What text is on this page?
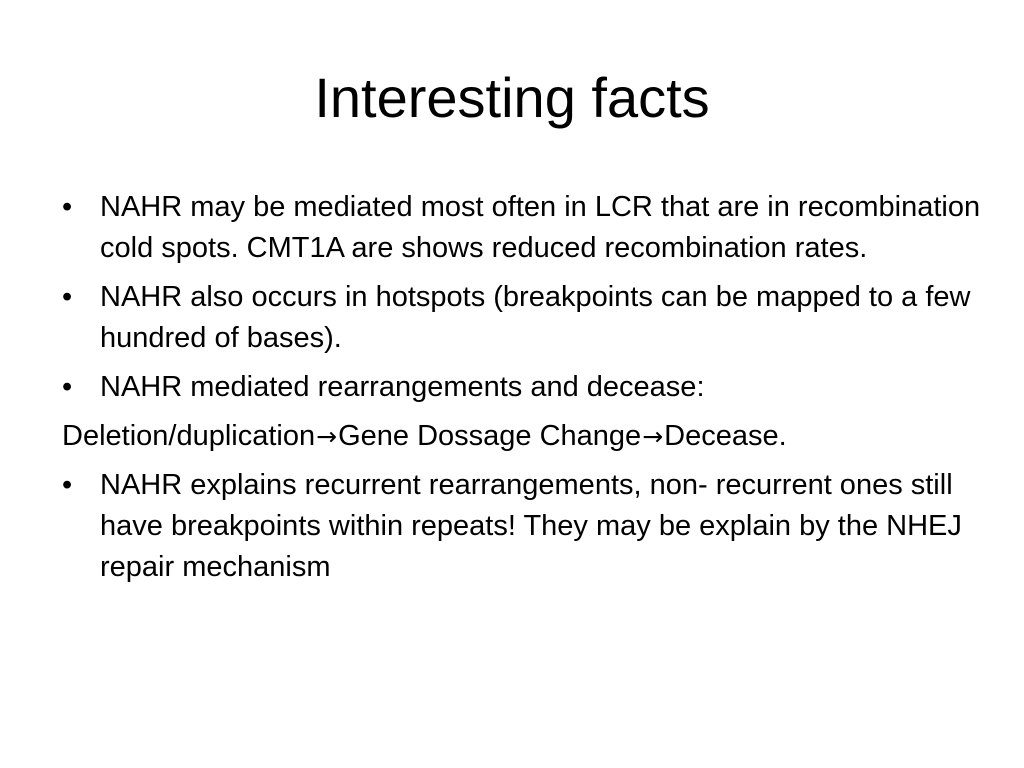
Interesting facts
• NAHR may be mediated most often in LCR that are in recombination cold spots. CMT1A are shows reduced recombination rates.
• NAHR also occurs in hotspots (breakpoints can be mapped to a few hundred of bases).
• NAHR mediated rearrangements and decease:
Deletion/duplication→Gene Dossage Change→Decease.
• NAHR explains recurrent rearrangements, non- recurrent ones still have breakpoints within repeats! They may be explain by the NHEJ repair mechanism
